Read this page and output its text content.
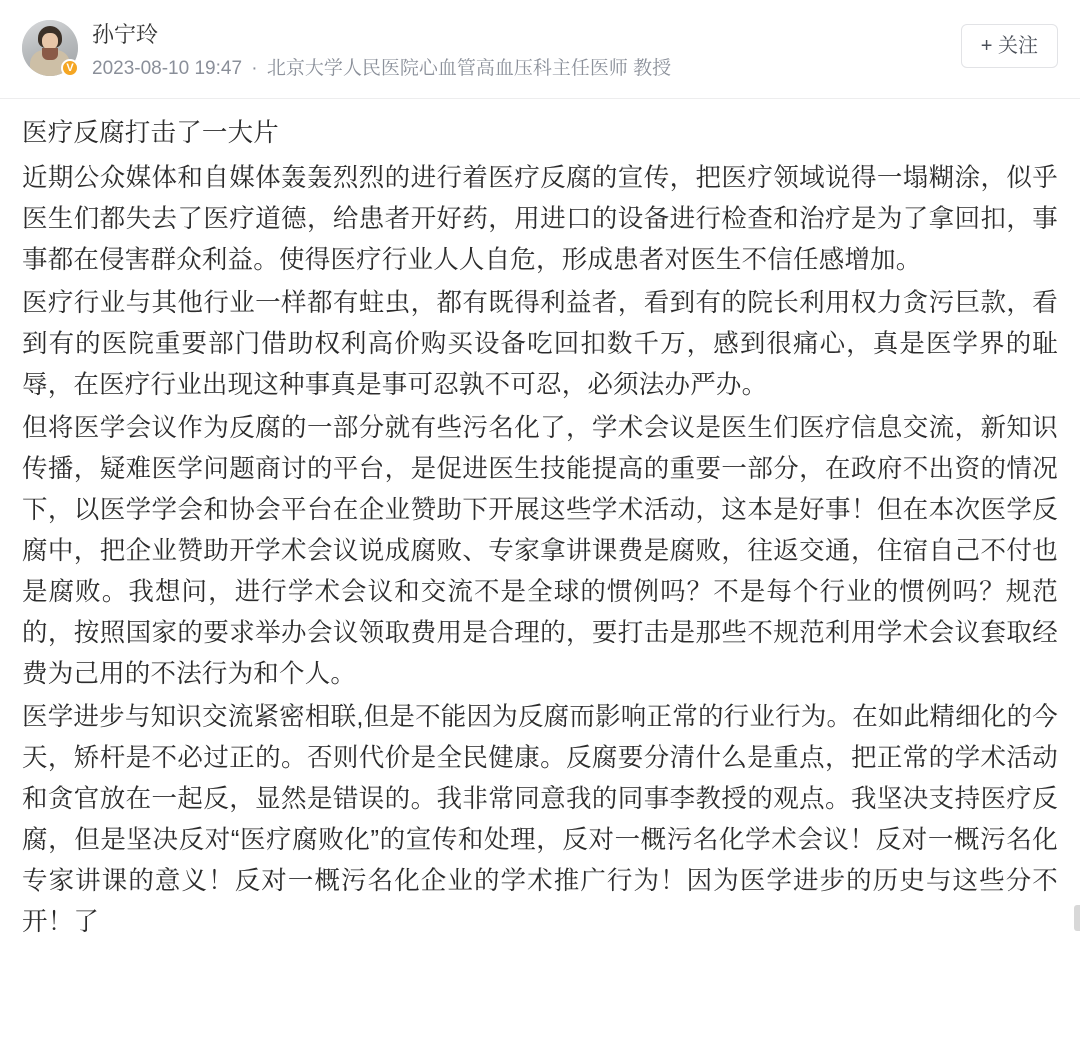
V
孙宁玲
2023-08-10 19:47 · 北京大学人民医院心血管高血压科主任医师 教授
+ 关注

医疗反腐打击了一大片

近期公众媒体和自媒体轰轰烈烈的进行着医疗反腐的宣传，把医疗领域说得一塌糊涂，似乎医生们都失去了医疗道德，给患者开好药，用进口的设备进行检查和治疗是为了拿回扣，事事都在侵害群众利益。使得医疗行业人人自危，形成患者对医生不信任感增加。

医疗行业与其他行业一样都有蛀虫，都有既得利益者，看到有的院长利用权力贪污巨款，看到有的医院重要部门借助权利高价购买设备吃回扣数千万，感到很痛心，真是医学界的耻辱，在医疗行业出现这种事真是事可忍孰不可忍，必须法办严办。

但将医学会议作为反腐的一部分就有些污名化了，学术会议是医生们医疗信息交流，新知识传播，疑难医学问题商讨的平台，是促进医生技能提高的重要一部分，在政府不出资的情况下，以医学学会和协会平台在企业赞助下开展这些学术活动，这本是好事！但在本次医学反腐中，把企业赞助开学术会议说成腐败、专家拿讲课费是腐败，往返交通，住宿自己不付也是腐败。我想问，进行学术会议和交流不是全球的惯例吗？不是每个行业的惯例吗？规范的，按照国家的要求举办会议领取费用是合理的，要打击是那些不规范利用学术会议套取经费为己用的不法行为和个人。

医学进步与知识交流紧密相联,但是不能因为反腐而影响正常的行业行为。在如此精细化的今天，矫杆是不必过正的。否则代价是全民健康。反腐要分清什么是重点，把正常的学术活动和贪官放在一起反，显然是错误的。我非常同意我的同事李教授的观点。我坚决支持医疗反腐，但是坚决反对“医疗腐败化”的宣传和处理，反对一概污名化学术会议！反对一概污名化专家讲课的意义！反对一概污名化企业的学术推广行为！因为医学进步的历史与这些分不开！了
